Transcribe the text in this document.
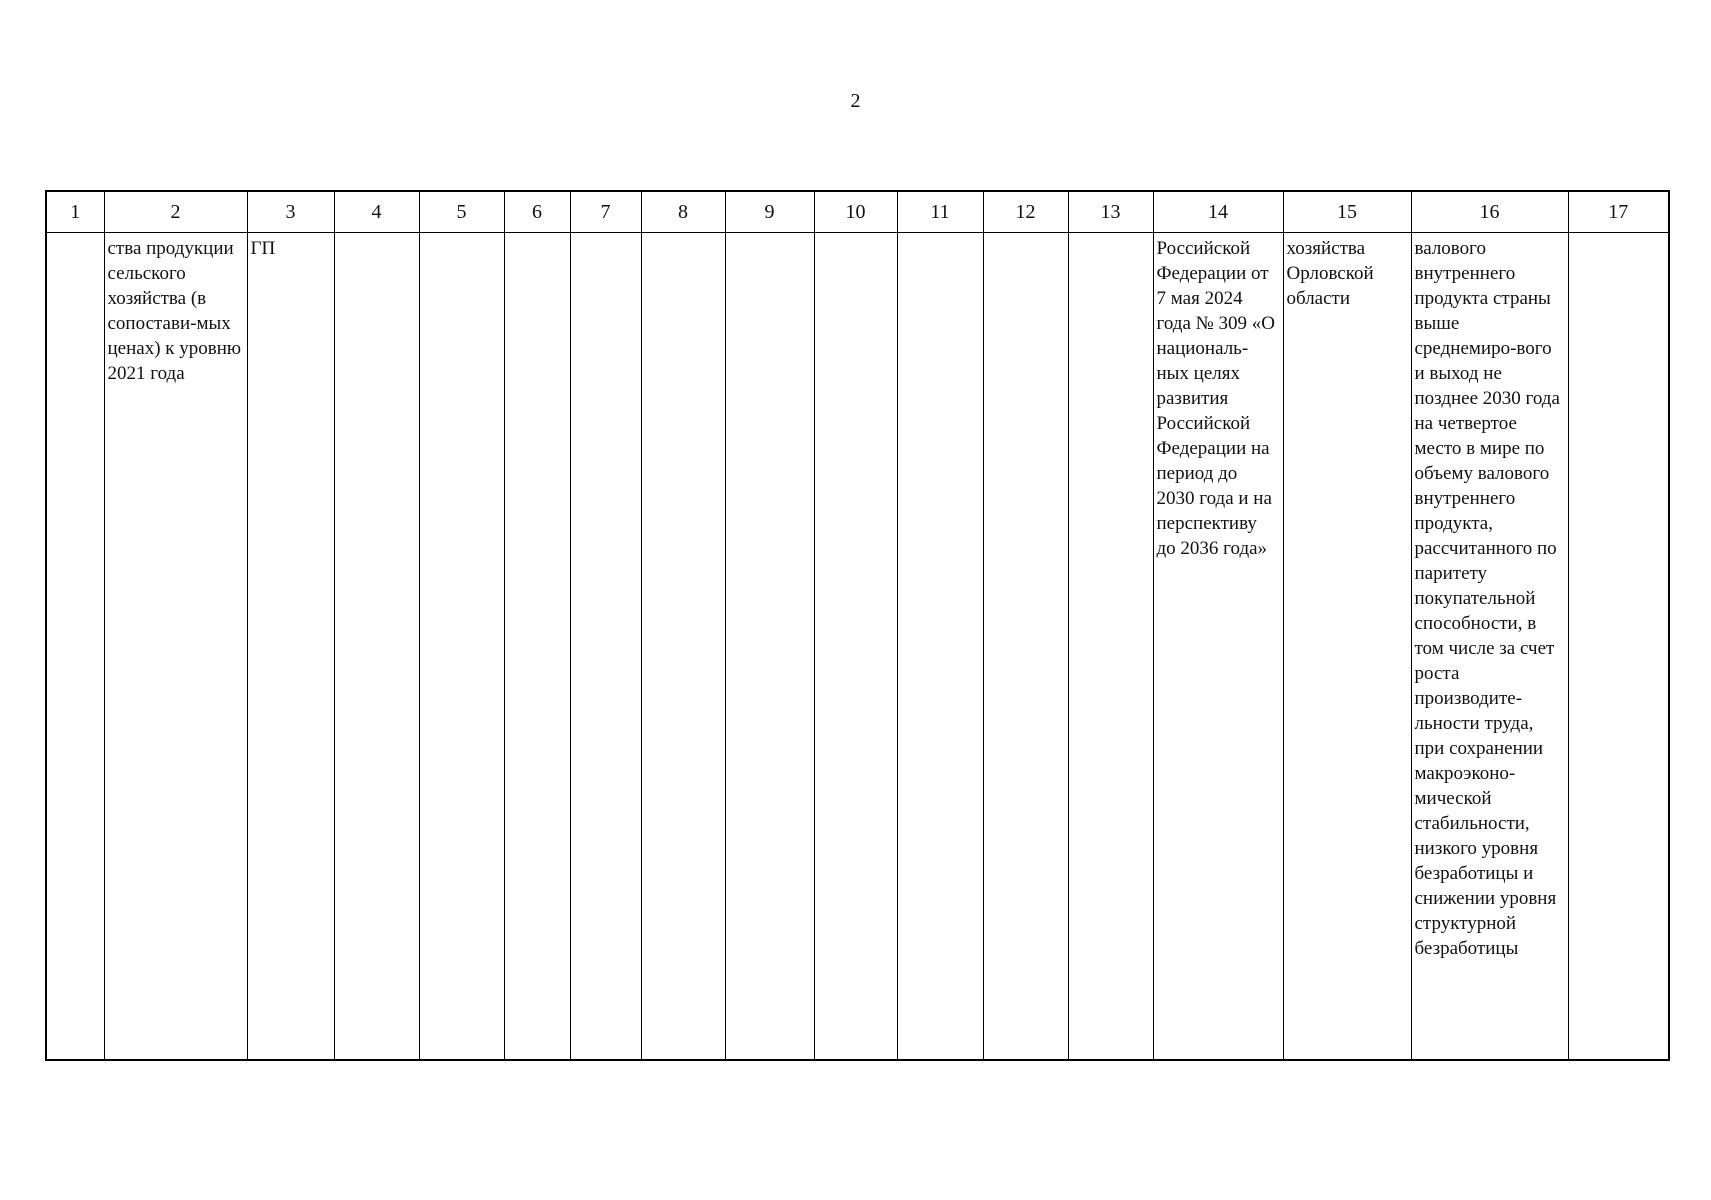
2
1	2	3	4	5	6	7	8	9	10	11	12	13	14	15	16	17

	ства продукции сельского хозяйства (в сопостави-мых ценах) к уровню 2021 года	ГП											Российской Федерации от 7 мая 2024 года № 309 «О националь-ных целях развития Российской Федерации на период до 2030 года и на перспективу до 2036 года»	хозяйства Орловской области	валового внутреннего продукта страны выше среднемиро-вого и выход не позднее 2030 года на четвертое место в мире по объему валового внутреннего продукта, рассчитанного по паритету покупательной способности, в том числе за счет роста производите-льности труда, при сохранении макроэконо-мической стабильности, низкого уровня безработицы и снижении уровня структурной безработицы	
